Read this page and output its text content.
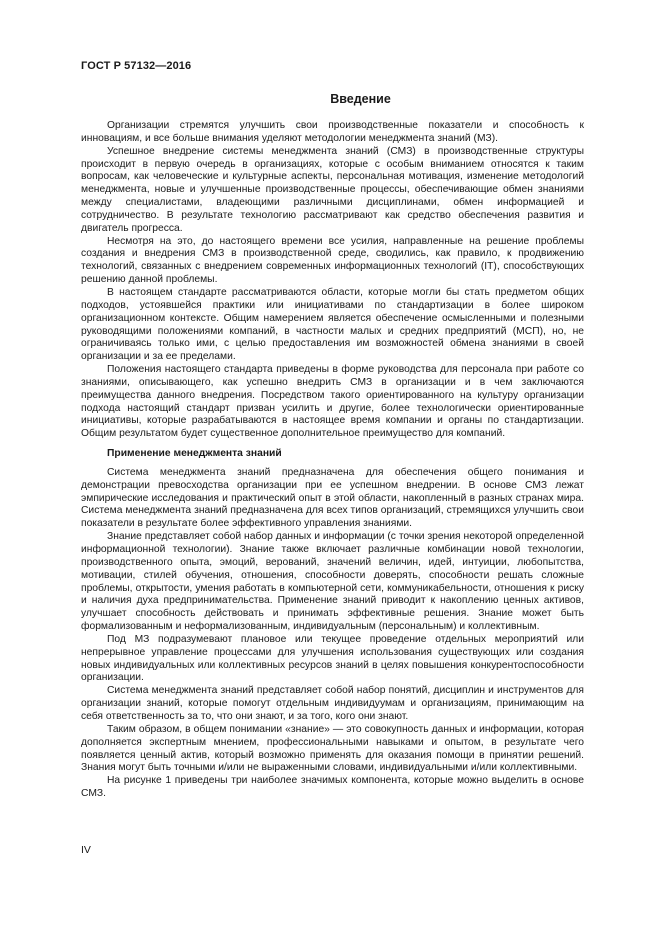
ГОСТ Р 57132—2016
Введение

Организации стремятся улучшить свои производственные показатели и способность к инновациям, и все больше внимания уделяют методологии менеджмента знаний (МЗ).

Успешное внедрение системы менеджмента знаний (СМЗ) в производственные структуры происходит в первую очередь в организациях, которые с особым вниманием относятся к таким вопросам, как человеческие и культурные аспекты, персональная мотивация, изменение методологий менеджмента, новые и улучшенные производственные процессы, обеспечивающие обмен знаниями между специалистами, владеющими различными дисциплинами, обмен информацией и сотрудничество. В результате технологию рассматривают как средство обеспечения развития и двигатель прогресса.

Несмотря на это, до настоящего времени все усилия, направленные на решение проблемы создания и внедрения СМЗ в производственной среде, сводились, как правило, к продвижению технологий, связанных с внедрением современных информационных технологий (IT), способствующих решению данной проблемы.

В настоящем стандарте рассматриваются области, которые могли бы стать предметом общих подходов, устоявшейся практики или инициативами по стандартизации в более широком организационном контексте. Общим намерением является обеспечение осмысленными и полезными руководящими положениями компаний, в частности малых и средних предприятий (МСП), но, не ограничиваясь только ими, с целью предоставления им возможностей обмена знаниями в своей организации и за ее пределами.

Положения настоящего стандарта приведены в форме руководства для персонала при работе со знаниями, описывающего, как успешно внедрить СМЗ в организации и в чем заключаются преимущества данного внедрения. Посредством такого ориентированного на культуру организации подхода настоящий стандарт призван усилить и другие, более технологически ориентированные инициативы, которые разрабатываются в настоящее время компании и органы по стандартизации. Общим результатом будет существенное дополнительное преимущество для компаний.

Применение менеджмента знаний

Система менеджмента знаний предназначена для обеспечения общего понимания и демонстрации превосходства организации при ее успешном внедрении. В основе СМЗ лежат эмпирические исследования и практический опыт в этой области, накопленный в разных странах мира. Система менеджмента знаний предназначена для всех типов организаций, стремящихся улучшить свои показатели в результате более эффективного управления знаниями.

Знание представляет собой набор данных и информации (с точки зрения некоторой определенной информационной технологии). Знание также включает различные комбинации новой технологии, производственного опыта, эмоций, верований, значений величин, идей, интуиции, любопытства, мотивации, стилей обучения, отношения, способности доверять, способности решать сложные проблемы, открытости, умения работать в компьютерной сети, коммуникабельности, отношения к риску и наличия духа предпринимательства. Применение знаний приводит к накоплению ценных активов, улучшает способность действовать и принимать эффективные решения. Знание может быть формализованным и неформализованным, индивидуальным (персональным) и коллективным.

Под МЗ подразумевают плановое или текущее проведение отдельных мероприятий или непрерывное управление процессами для улучшения использования существующих или создания новых индивидуальных или коллективных ресурсов знаний в целях повышения конкурентоспособности организации.

Система менеджмента знаний представляет собой набор понятий, дисциплин и инструментов для организации знаний, которые помогут отдельным индивидуумам и организациям, принимающим на себя ответственность за то, что они знают, и за того, кого они знают.

Таким образом, в общем понимании «знание» — это совокупность данных и информации, которая дополняется экспертным мнением, профессиональными навыками и опытом, в результате чего появляется ценный актив, который возможно применять для оказания помощи в принятии решений. Знания могут быть точными и/или не выраженными словами, индивидуальными и/или коллективными.

На рисунке 1 приведены три наиболее значимых компонента, которые можно выделить в основе СМЗ.

IV
